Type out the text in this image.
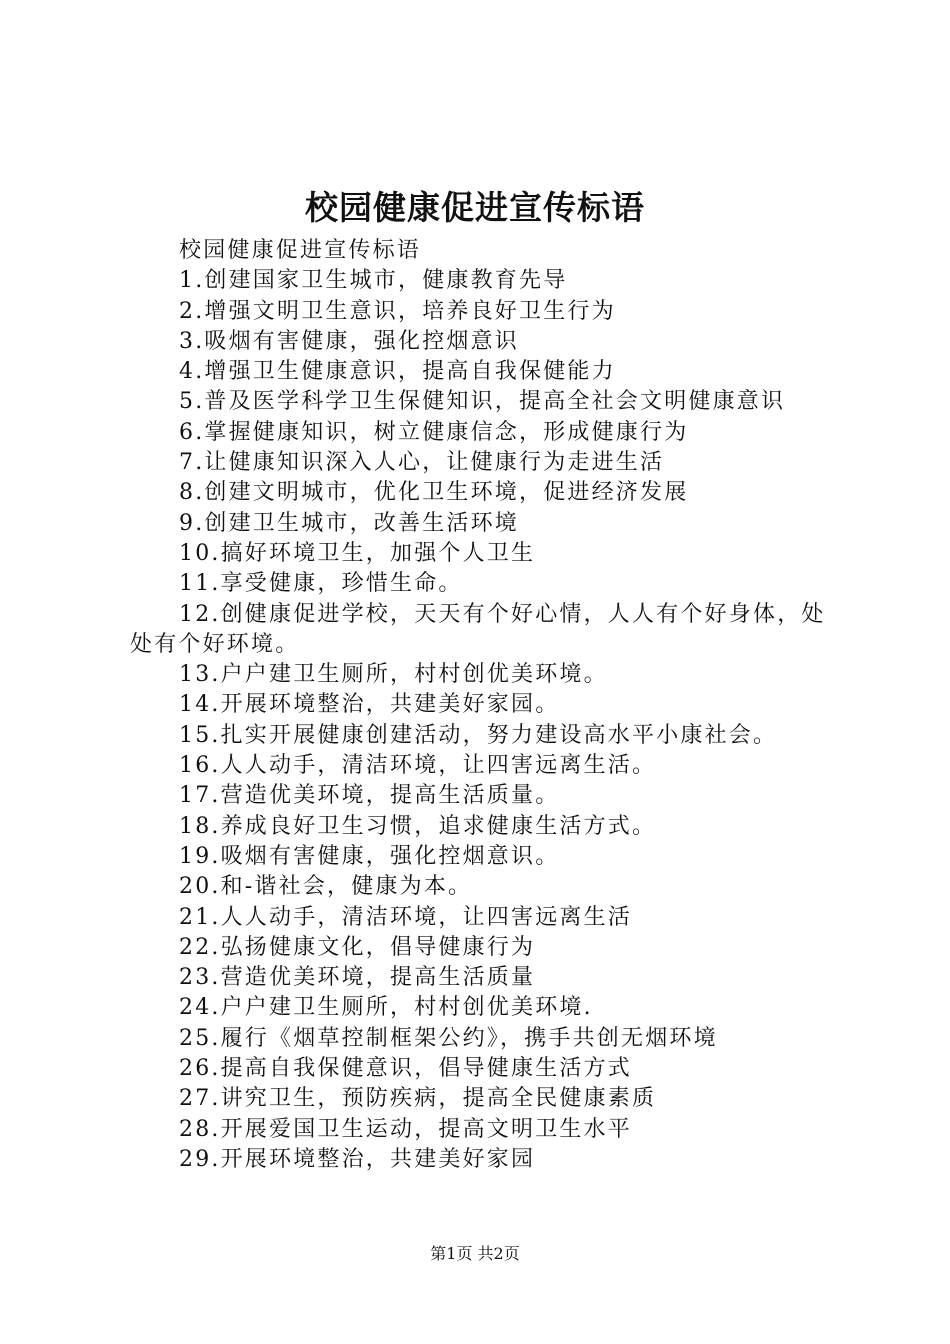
校园健康促进宣传标语

校园健康促进宣传标语

1.创建国家卫生城市，健康教育先导

2.增强文明卫生意识，培养良好卫生行为

3.吸烟有害健康，强化控烟意识

4.增强卫生健康意识，提高自我保健能力

5.普及医学科学卫生保健知识，提高全社会文明健康意识

6.掌握健康知识，树立健康信念，形成健康行为

7.让健康知识深入人心，让健康行为走进生活

8.创建文明城市，优化卫生环境，促进经济发展

9.创建卫生城市，改善生活环境

10.搞好环境卫生，加强个人卫生

11.享受健康，珍惜生命。

12.创健康促进学校，天天有个好心情，人人有个好身体，处处有个好环境。

13.户户建卫生厕所，村村创优美环境。

14.开展环境整治，共建美好家园。

15.扎实开展健康创建活动，努力建设高水平小康社会。

16.人人动手，清洁环境，让四害远离生活。

17.营造优美环境，提高生活质量。

18.养成良好卫生习惯，追求健康生活方式。

19.吸烟有害健康，强化控烟意识。

20.和-谐社会，健康为本。

21.人人动手，清洁环境，让四害远离生活

22.弘扬健康文化，倡导健康行为

23.营造优美环境，提高生活质量

24.户户建卫生厕所，村村创优美环境.

25.履行《烟草控制框架公约》，携手共创无烟环境

26.提高自我保健意识，倡导健康生活方式

27.讲究卫生，预防疾病，提高全民健康素质

28.开展爱国卫生运动，提高文明卫生水平

29.开展环境整治，共建美好家园

第1页 共2页
